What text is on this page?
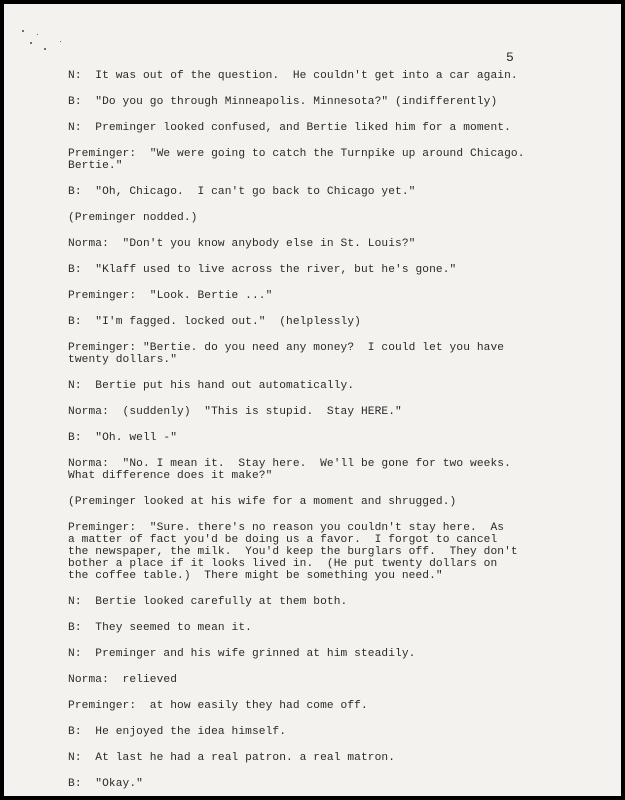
5

N:  It was out of the question.  He couldn't get into a car again.

B:  "Do you go through Minneapolis. Minnesota?" (indifferently)

N:  Preminger looked confused, and Bertie liked him for a moment.

Preminger:  "We were going to catch the Turnpike up around Chicago.
Bertie."

B:  "Oh, Chicago.  I can't go back to Chicago yet."

(Preminger nodded.)

Norma:  "Don't you know anybody else in St. Louis?"

B:  "Klaff used to live across the river, but he's gone."

Preminger:  "Look. Bertie ..."

B:  "I'm fagged. locked out."  (helplessly)

Preminger: "Bertie. do you need any money?  I could let you have
twenty dollars."

N:  Bertie put his hand out automatically.

Norma:  (suddenly)  "This is stupid.  Stay HERE."

B:  "Oh. well -"

Norma:  "No. I mean it.  Stay here.  We'll be gone for two weeks.
What difference does it make?"

(Preminger looked at his wife for a moment and shrugged.)

Preminger:  "Sure. there's no reason you couldn't stay here.  As
a matter of fact you'd be doing us a favor.  I forgot to cancel
the newspaper, the milk.  You'd keep the burglars off.  They don't
bother a place if it looks lived in.  (He put twenty dollars on
the coffee table.)  There might be something you need."

N:  Bertie looked carefully at them both.

B:  They seemed to mean it.

N:  Preminger and his wife grinned at him steadily.

Norma:  relieved

Preminger:  at how easily they had come off.

B:  He enjoyed the idea himself.

N:  At last he had a real patron. a real matron.

B:  "Okay."
